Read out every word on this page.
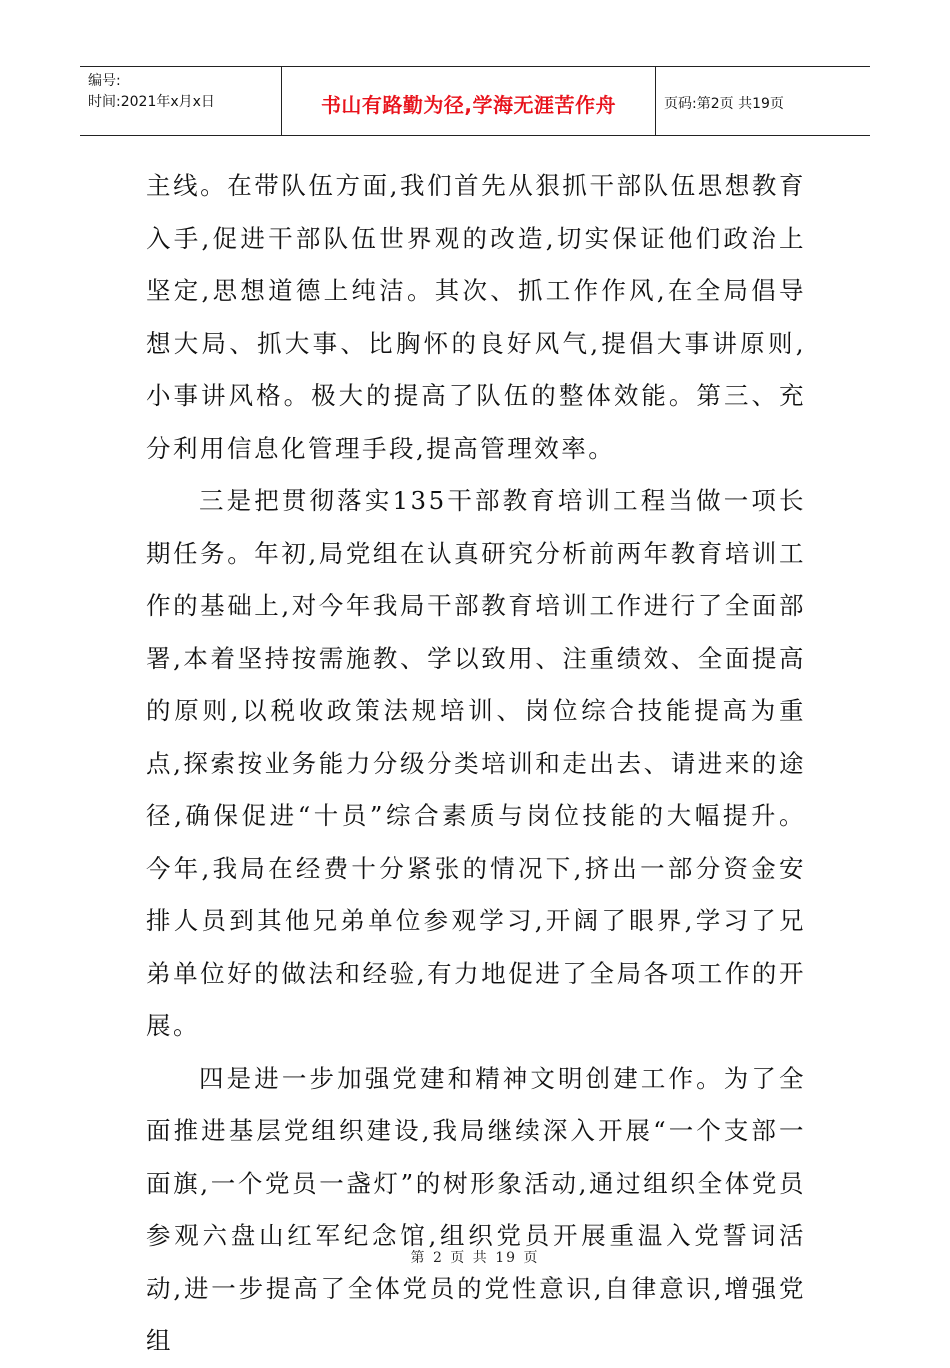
编号:
时间:2021年x月x日	书山有路勤为径,学海无涯苦作舟	页码:第2页 共19页

主线。在带队伍方面,我们首先从狠抓干部队伍思想教育入手,促进干部队伍世界观的改造,切实保证他们政治上坚定,思想道德上纯洁。其次、抓工作作风,在全局倡导想大局、抓大事、比胸怀的良好风气,提倡大事讲原则,小事讲风格。极大的提高了队伍的整体效能。第三、充分利用信息化管理手段,提高管理效率。

三是把贯彻落实135干部教育培训工程当做一项长期任务。年初,局党组在认真研究分析前两年教育培训工作的基础上,对今年我局干部教育培训工作进行了全面部署,本着坚持按需施教、学以致用、注重绩效、全面提高的原则,以税收政策法规培训、岗位综合技能提高为重点,探索按业务能力分级分类培训和走出去、请进来的途径,确保促进“十员”综合素质与岗位技能的大幅提升。今年,我局在经费十分紧张的情况下,挤出一部分资金安排人员到其他兄弟单位参观学习,开阔了眼界,学习了兄弟单位好的做法和经验,有力地促进了全局各项工作的开展。

四是进一步加强党建和精神文明创建工作。为了全面推进基层党组织建设,我局继续深入开展“一个支部一面旗,一个党员一盏灯”的树形象活动,通过组织全体党员参观六盘山红军纪念馆,组织党员开展重温入党誓词活动,进一步提高了全体党员的党性意识,自律意识,增强党组

第 2 页 共 19 页
